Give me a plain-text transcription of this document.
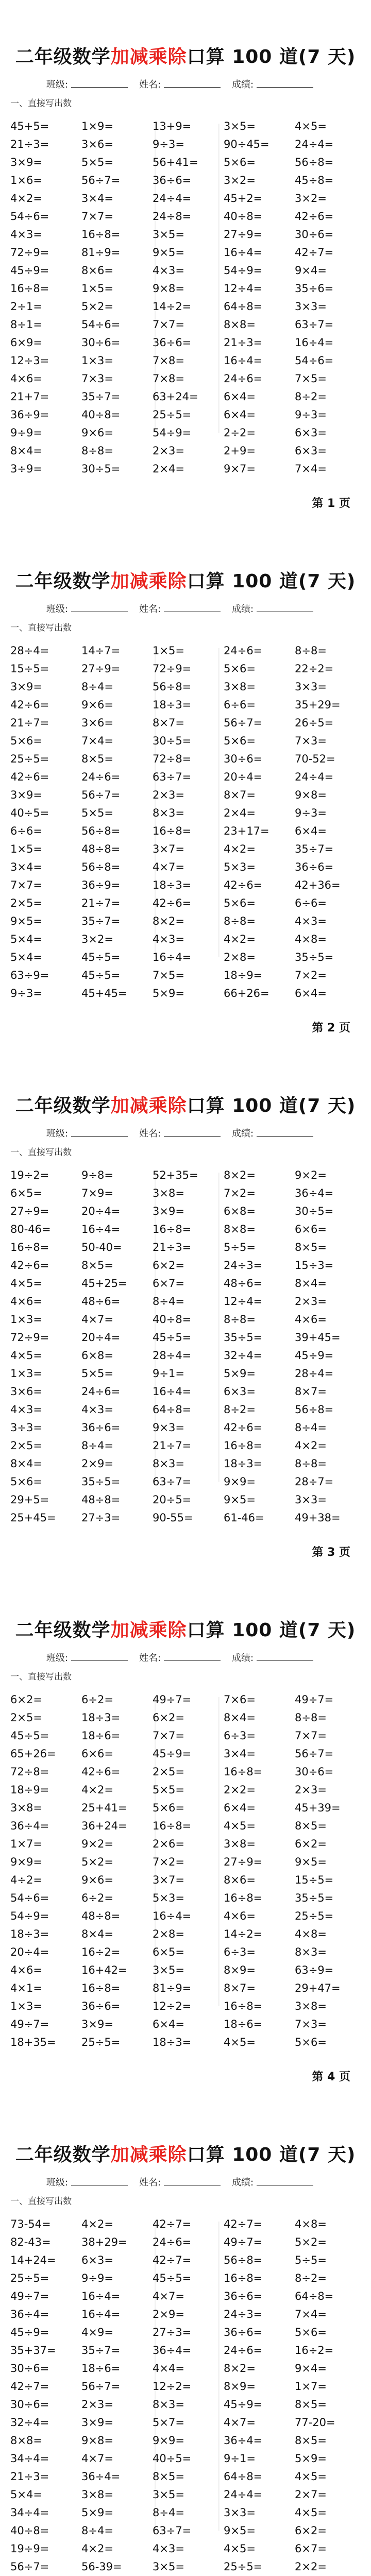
二年级数学加减乘除口算 100 道(7 天)
班级:	姓名:	成绩:
一、直接写出数
45+5=	1×9=	13+9=	3×5=	4×5=
21÷3=	3×6=	9÷3=	90÷45=	24÷4=
3×9=	5×5=	56+41=	5×6=	56÷8=
1×6=	56÷7=	36÷6=	3×2=	45÷8=
4×2=	3×4=	24÷4=	45+2=	3×2=
54÷6=	7×7=	24÷8=	40÷8=	42÷6=
4×3=	16÷8=	3×5=	27÷9=	30÷6=
72÷9=	81÷9=	9×5=	16÷4=	42÷7=
45÷9=	8×6=	4×3=	54÷9=	9×4=
16÷8=	1×5=	9×8=	12÷4=	35÷6=
2÷1=	5×2=	14÷2=	64÷8=	3×3=
8÷1=	54÷6=	7×7=	8×8=	63÷7=
6×9=	30÷6=	36÷6=	21÷3=	16÷4=
12÷3=	1×3=	7×8=	16÷4=	54÷6=
4×6=	7×3=	7×8=	24÷6=	7×5=
21+7=	35÷7=	63+24=	6×4=	8÷2=
36÷9=	40÷8=	25÷5=	6×4=	9÷3=
9÷9=	9×6=	54÷9=	2÷2=	6×3=
8×4=	8÷8=	2×3=	2+9=	6×3=
3÷9=	30÷5=	2×4=	9×7=	7×4=
第 1 页
二年级数学加减乘除口算 100 道(7 天)
班级:	姓名:	成绩:
一、直接写出数
28÷4=	14÷7=	1×5=	24÷6=	8÷8=
15÷5=	27÷9=	72÷9=	5×6=	22÷2=
3×9=	8÷4=	56÷8=	3×8=	3×3=
42÷6=	9×6=	18÷3=	6÷6=	35+29=
21÷7=	3×6=	8×7=	56÷7=	26÷5=
5×6=	7×4=	30÷5=	5×6=	7×3=
25÷5=	8×5=	72÷8=	30÷6=	70-52=
42÷6=	24÷6=	63÷7=	20÷4=	24÷4=
3×9=	56÷7=	2×3=	8×7=	9×8=
40÷5=	5×5=	8×3=	2×4=	9÷3=
6÷6=	56÷8=	16÷8=	23+17=	6×4=
1×5=	48÷8=	3×7=	4×2=	35÷7=
3×4=	56÷8=	4×7=	5×3=	36÷6=
7×7=	36÷9=	18÷3=	42÷6=	42+36=
2×5=	21÷7=	42÷6=	5×6=	6÷6=
9×5=	35÷7=	8×2=	8÷8=	4×3=
5×4=	3×2=	4×3=	4×2=	4×8=
5×4=	45÷5=	16÷4=	2×8=	35÷5=
63÷9=	45÷5=	7×5=	18÷9=	7×2=
9÷3=	45+45=	5×9=	66+26=	6×4=
第 2 页
二年级数学加减乘除口算 100 道(7 天)
班级:	姓名:	成绩:
一、直接写出数
19÷2=	9÷8=	52+35=	8×2=	9×2=
6×5=	7×9=	3×8=	7×2=	36÷4=
27÷9=	20÷4=	3×9=	6×8=	30÷5=
80-46=	16÷4=	16÷8=	8×8=	6×6=
16÷8=	50-40=	21÷3=	5÷5=	8×5=
42÷6=	8×5=	6×2=	24÷3=	15÷3=
4×5=	45+25=	6×7=	48÷6=	8×4=
4×6=	48÷6=	8÷4=	12÷4=	2×3=
1×3=	4×7=	40÷8=	8÷8=	4×6=
72÷9=	20÷4=	45÷5=	35÷5=	39+45=
4×5=	6×8=	28÷4=	32÷4=	45÷9=
1×3=	5×5=	9÷1=	5×9=	28÷4=
3×6=	24÷6=	16÷4=	6×3=	8×7=
4×3=	4×3=	64÷8=	8÷2=	56÷8=
3÷3=	36÷6=	9×3=	42÷6=	8÷4=
2×5=	8÷4=	21÷7=	16÷8=	4×2=
8×4=	2×9=	8×3=	18÷3=	8÷8=
5×6=	35÷5=	63÷7=	9×9=	28÷7=
29+5=	48÷8=	20÷5=	9×5=	3×3=
25+45=	27÷3=	90-55=	61-46=	49+38=
第 3 页
二年级数学加减乘除口算 100 道(7 天)
班级:	姓名:	成绩:
一、直接写出数
6×2=	6÷2=	49÷7=	7×6=	49÷7=
2×5=	18÷3=	6×2=	8×4=	8÷8=
45÷5=	18÷6=	7×7=	6÷3=	7×7=
65+26=	6×6=	45÷9=	3×4=	56÷7=
72÷8=	42÷6=	2×5=	16÷8=	30÷6=
18÷9=	4×2=	5×5=	2×2=	2×3=
3×8=	25+41=	5×6=	6×4=	45+39=
36÷4=	36+24=	16÷8=	4×5=	8×5=
1×7=	9×2=	2×6=	3×8=	6×2=
9×9=	5×2=	7×2=	27÷9=	9×5=
4÷2=	9×6=	3×7=	8×6=	15÷5=
54÷6=	6÷2=	5×3=	16÷8=	35÷5=
54÷9=	48÷8=	16÷4=	4×6=	25÷5=
18÷3=	8×4=	2×8=	14÷2=	4×8=
20÷4=	16÷2=	6×5=	6÷3=	8×3=
4×6=	16+42=	3×5=	8×9=	63÷9=
4×1=	16÷8=	81÷9=	8×7=	29+47=
1×3=	36÷6=	12÷2=	16÷8=	3×8=
49÷7=	3×9=	6×4=	18÷6=	7×3=
18+35=	25÷5=	18÷3=	4×5=	5×6=
第 4 页
二年级数学加减乘除口算 100 道(7 天)
班级:	姓名:	成绩:
一、直接写出数
73-54=	4×2=	42÷7=	42÷7=	4×8=
82-43=	38+29=	24÷6=	49÷7=	5×2=
14+24=	6×3=	42÷7=	56÷8=	5÷5=
25÷5=	9÷9=	45÷5=	16÷8=	8÷2=
49÷7=	16÷4=	4×7=	36÷6=	64÷8=
36÷4=	16÷4=	2×9=	24÷3=	7×4=
45÷9=	4×9=	27÷3=	36÷6=	5×6=
35+37=	35÷7=	36÷4=	24÷6=	16÷2=
30÷6=	18÷6=	4×4=	8×2=	9×4=
42÷7=	56÷7=	12÷2=	8×9=	1×7=
30÷6=	2×3=	8×3=	45÷9=	8×5=
32÷4=	3×9=	5×7=	4×7=	77-20=
8×8=	9×8=	9×9=	36÷4=	8×5=
34÷4=	4×7=	40÷5=	9÷1=	5×9=
21÷3=	36÷4=	8×5=	64÷8=	4×5=
5×4=	3×8=	3×5=	24÷4=	2×7=
34÷4=	5×9=	8÷4=	3×3=	4×5=
40÷8=	8÷4=	63÷7=	9×5=	6×2=
19÷9=	4×2=	4×3=	4×5=	6×7=
56÷7=	56-39=	3×5=	25÷5=	2×2=
